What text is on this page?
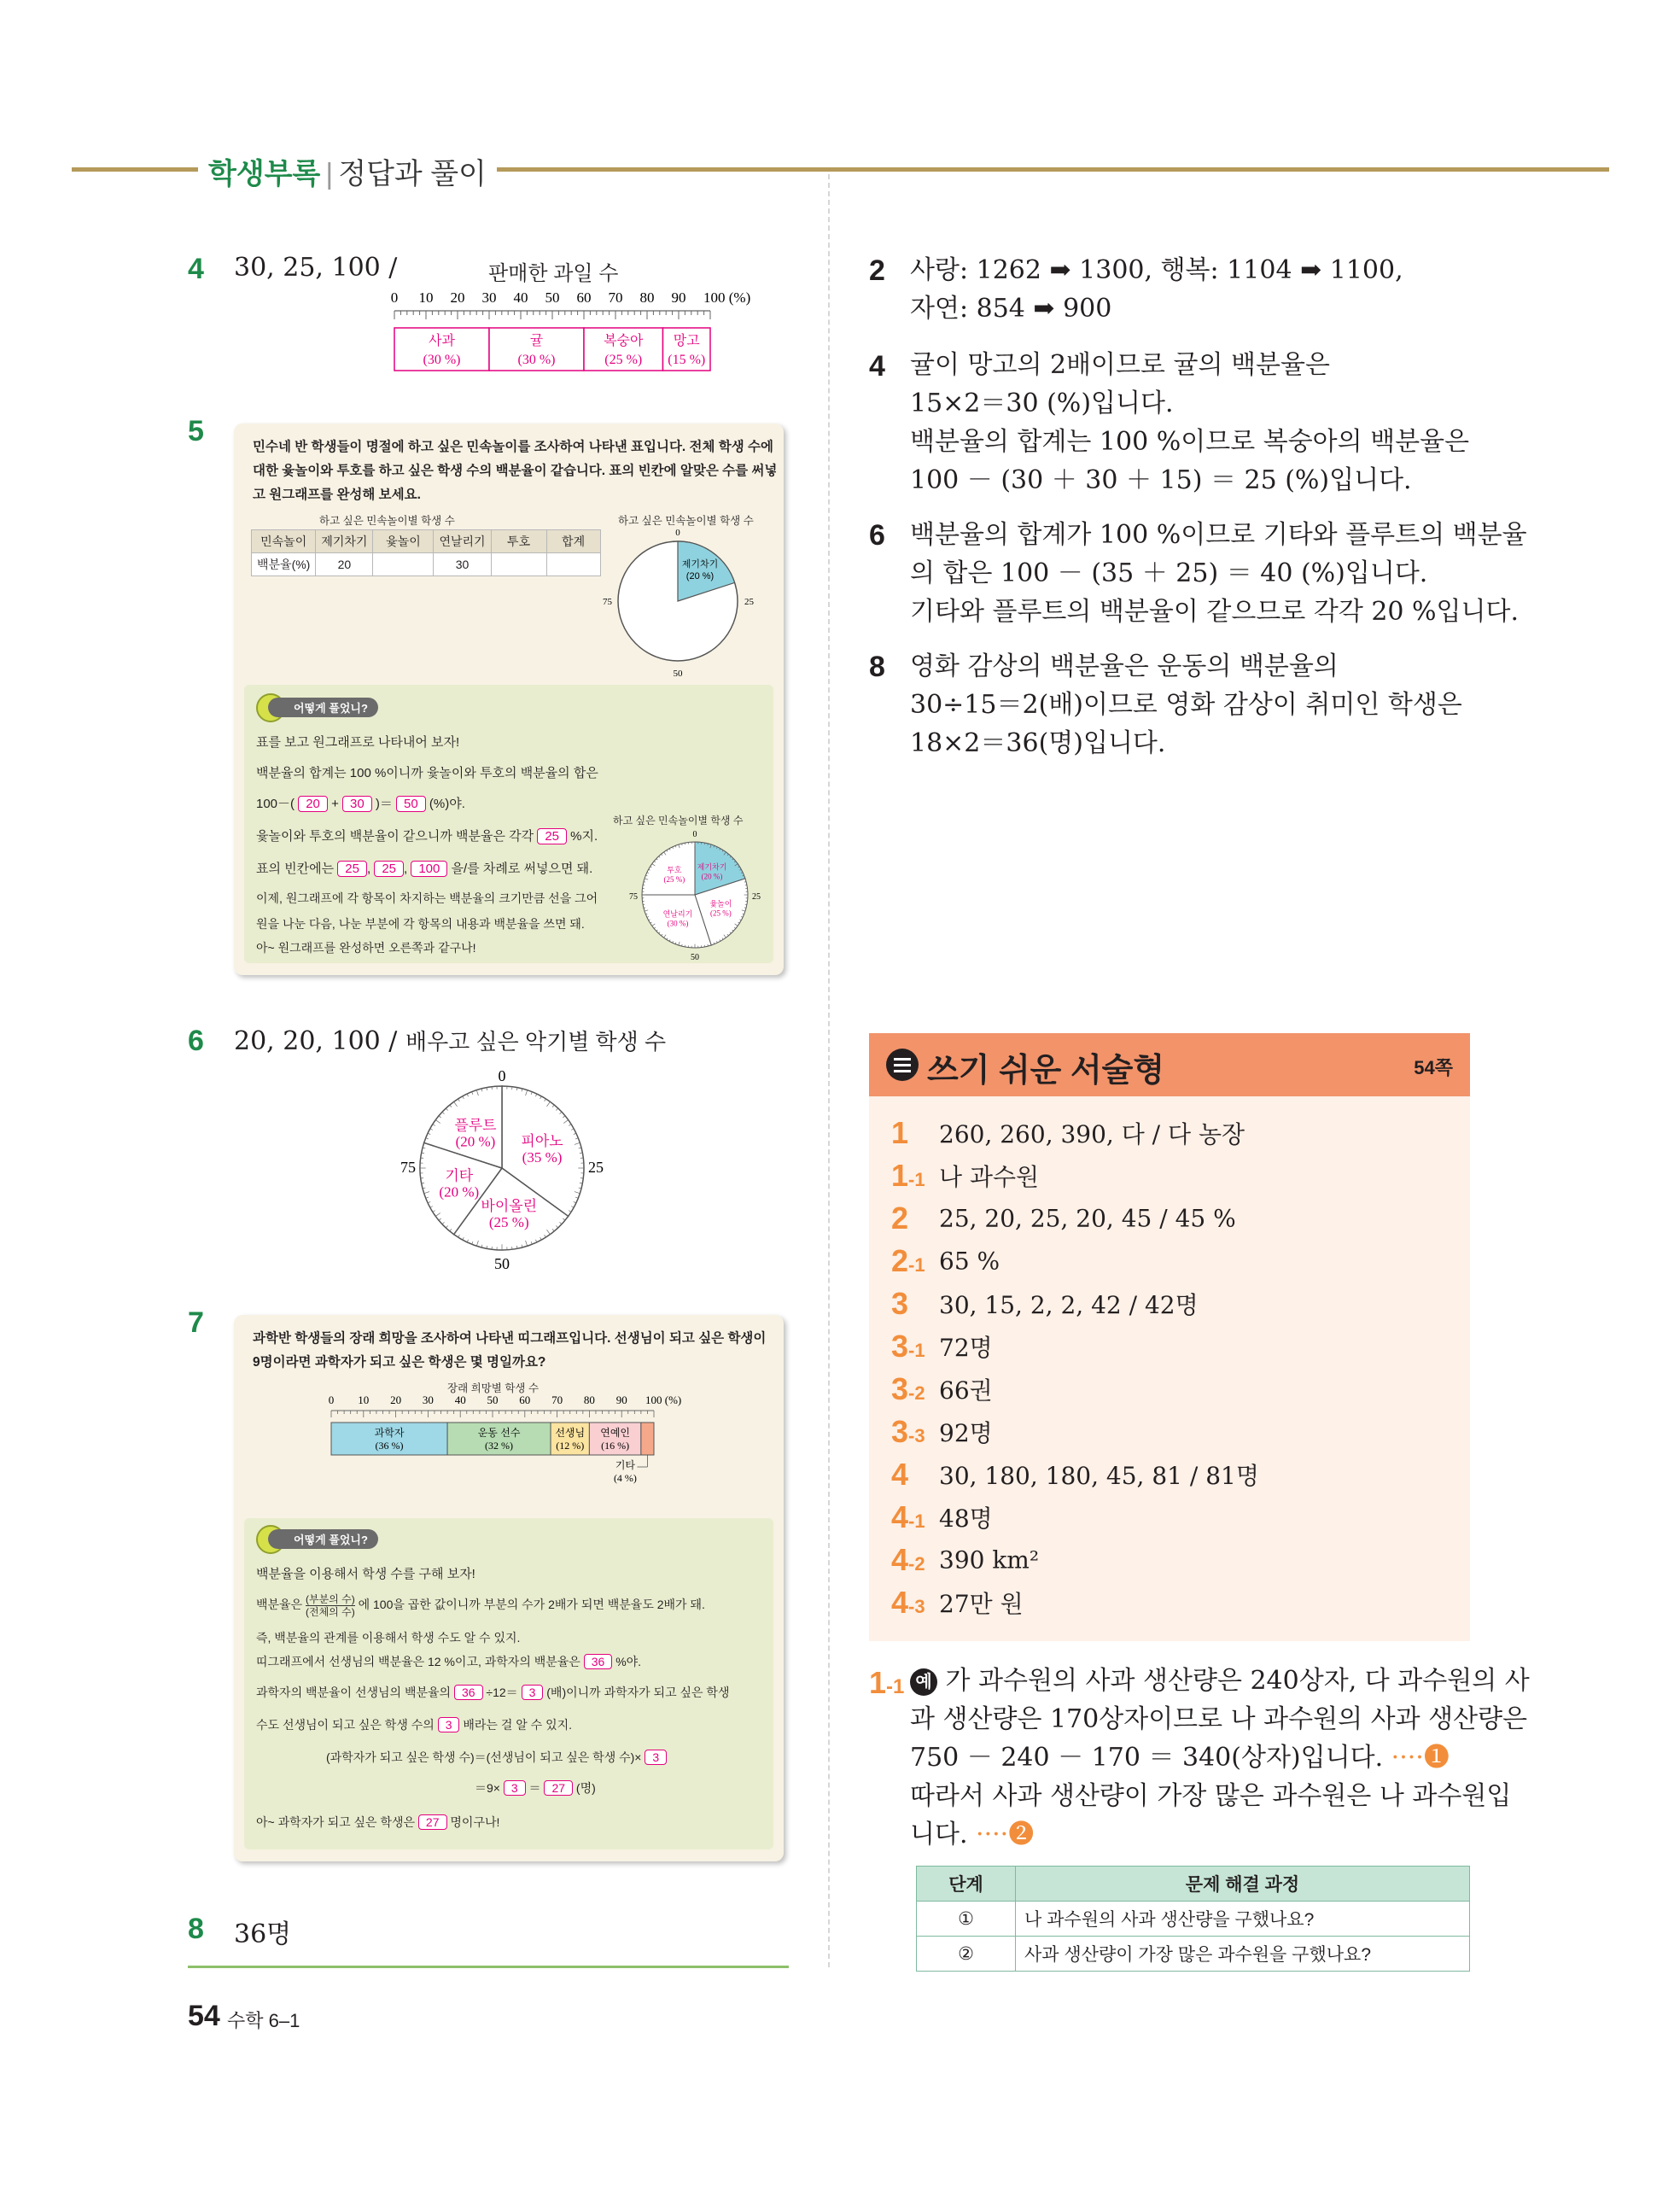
학생부록 | 정답과 풀이
4 30, 25, 100 /	판매한 과일 수
0 10 20 30 40 50 60 70 80 90 100 (%)
사과
(30 %)
귤
(30 %)
복숭아
(25 %)
망고
(15 %)
5	민수네 반 학생들이 명절에 하고 싶은 민속놀이를 조사하여 나타낸 표입니다. 전체 학생 수에
대한 윷놀이와 투호를 하고 싶은 학생 수의 백분율이 같습니다. 표의 빈칸에 알맞은 수를 써넣
고 원그래프를 완성해 보세요.
하고 싶은 민속놀이별 학생 수
민속놀이	제기차기	윷놀이	연날리기	투호	합계
백분율(%)	20		30		
하고 싶은 민속놀이별 학생 수
0
25
50
75
제기차기
(20 %)
어떻게 풀었니?
표를 보고 원그래프로 나타내어 보자!
백분율의 합계는 100 %이니까 윷놀이와 투호의 백분율의 합은
100－( 20 + 30 )＝ 50 (%)야.
윷놀이와 투호의 백분율이 같으니까 백분율은 각각 25 %지.
표의 빈칸에는 25 , 25 , 100 을/를 차례로 써넣으면 돼.
이제, 원그래프에 각 항목이 차지하는 백분율의 크기만큼 선을 그어
원을 나눈 다음, 나눈 부분에 각 항목의 내용과 백분율을 쓰면 돼.
아~ 원그래프를 완성하면 오른쪽과 같구나!
하고 싶은 민속놀이별 학생 수
제기차기
(20 %)
윷놀이
(25 %)
연날리기
(30 %)
투호
(25 %)
0
25
50
75
6 20, 20, 100 / 배우고 싶은 악기별 학생 수
피아노
(35 %)
바이올린
(25 %)
기타
(20 %)
플루트
(20 %)
0
25
50
75
7	과학반 학생들의 장래 희망을 조사하여 나타낸 띠그래프입니다. 선생님이 되고 싶은 학생이
9명이라면 과학자가 되고 싶은 학생은 몇 명일까요?
장래 희망별 학생 수
0 10 20 30 40 50 60 70 80 90 100 (%)
과학자
(36 %)
운동 선수
(32 %)
선생님
(12 %)
연예인
(16 %)
기타
(4 %)
어떻게 풀었니?
백분율을 이용해서 학생 수를 구해 보자!
백분율은 (부분의 수)
(전체의 수)
에 100을 곱한 값이니까 부분의 수가 2배가 되면 백분율도 2배가 돼.
즉, 백분율의 관계를 이용해서 학생 수도 알 수 있지.
띠그래프에서 선생님의 백분율은 12 %이고, 과학자의 백분율은 36 %야.
과학자의 백분율이 선생님의 백분율의 36 ÷12＝ 3 (배)이니까 과학자가 되고 싶은 학생
수도 선생님이 되고 싶은 학생 수의 3 배라는 걸 알 수 있지.
(과학자가 되고 싶은 학생 수)＝(선생님이 되고 싶은 학생 수)× 3
＝9× 3 ＝ 27 (명)
아~ 과학자가 되고 싶은 학생은 27 명이구나!
8 36명
54 수학 6–1
2 사랑: 1262 ➡ 1300, 행복: 1104 ➡ 1100,
자연: 854 ➡ 900
4 귤이 망고의 2배이므로 귤의 백분율은
15×2＝30 (%)입니다.
백분율의 합계는 100 %이므로 복숭아의 백분율은
100 － (30 ＋ 30 ＋ 15) ＝ 25 (%)입니다.
6 백분율의 합계가 100 %이므로 기타와 플루트의 백분율
의 합은 100 － (35 ＋ 25) ＝ 40 (%)입니다.
기타와 플루트의 백분율이 같으므로 각각 20 %입니다.
8 영화 감상의 백분율은 운동의 백분율의
30÷15＝2(배)이므로 영화 감상이 취미인 학생은
18×2＝36(명)입니다.
쓰기 쉬운 서술형	54쪽
1 260, 260, 390, 다 / 다 농장
1-1 나 과수원
2 25, 20, 25, 20, 45 / 45 %
2-1 65 %
3 30, 15, 2, 2, 42 / 42명
3-1 72명
3-2 66권
3-3 92명
4 30, 180, 180, 45, 81 / 81명
4-1 48명
4-2 390 km²
4-3 27만 원
1-1 예 가 과수원의 사과 생산량은 240상자, 다 과수원의 사
과 생산량은 170상자이므로 나 과수원의 사과 생산량은
750 － 240 － 170 ＝ 340(상자)입니다. ····❶
따라서 사과 생산량이 가장 많은 과수원은 나 과수원입
니다. ····❷
단계	문제 해결 과정
①	나 과수원의 사과 생산량을 구했나요?
②	사과 생산량이 가장 많은 과수원을 구했나요?
